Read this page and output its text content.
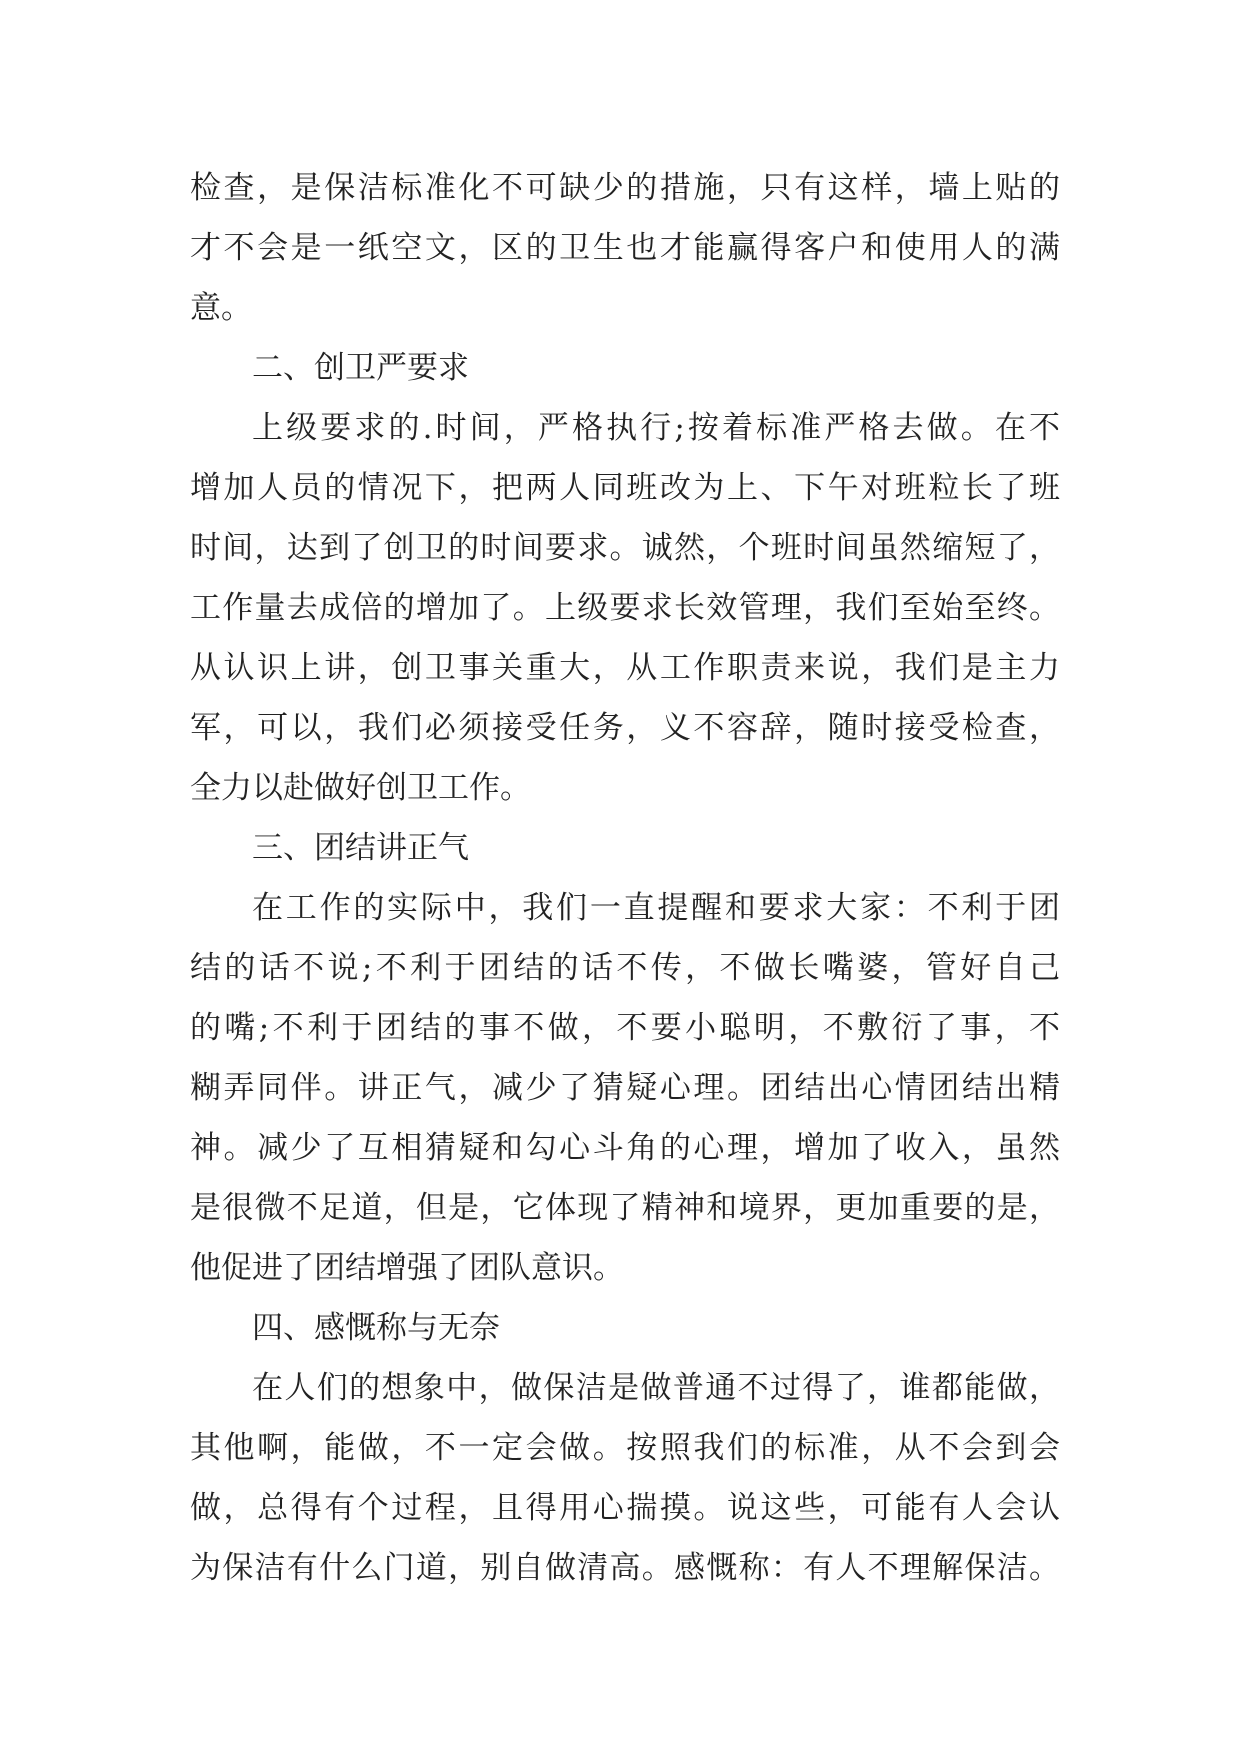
检查，是保洁标准化不可缺少的措施，只有这样，墙上贴的
才不会是一纸空文，区的卫生也才能赢得客户和使用人的满
意。
二、创卫严要求
上级要求的.时间，严格执行;按着标准严格去做。在不
增加人员的情况下，把两人同班改为上、下午对班粒长了班
时间，达到了创卫的时间要求。诚然，个班时间虽然缩短了，
工作量去成倍的增加了。上级要求长效管理，我们至始至终。
从认识上讲，创卫事关重大，从工作职责来说，我们是主力
军，可以，我们必须接受任务，义不容辞，随时接受检查，
全力以赴做好创卫工作。
三、团结讲正气
在工作的实际中，我们一直提醒和要求大家：不利于团
结的话不说;不利于团结的话不传，不做长嘴婆，管好自己
的嘴;不利于团结的事不做，不要小聪明，不敷衍了事，不
糊弄同伴。讲正气，减少了猜疑心理。团结出心情团结出精
神。减少了互相猜疑和勾心斗角的心理，增加了收入，虽然
是很微不足道，但是，它体现了精神和境界，更加重要的是，
他促进了团结增强了团队意识。
四、感慨称与无奈
在人们的想象中，做保洁是做普通不过得了，谁都能做，
其他啊，能做，不一定会做。按照我们的标准，从不会到会
做，总得有个过程，且得用心揣摸。说这些，可能有人会认
为保洁有什么门道，别自做清高。感慨称：有人不理解保洁。
